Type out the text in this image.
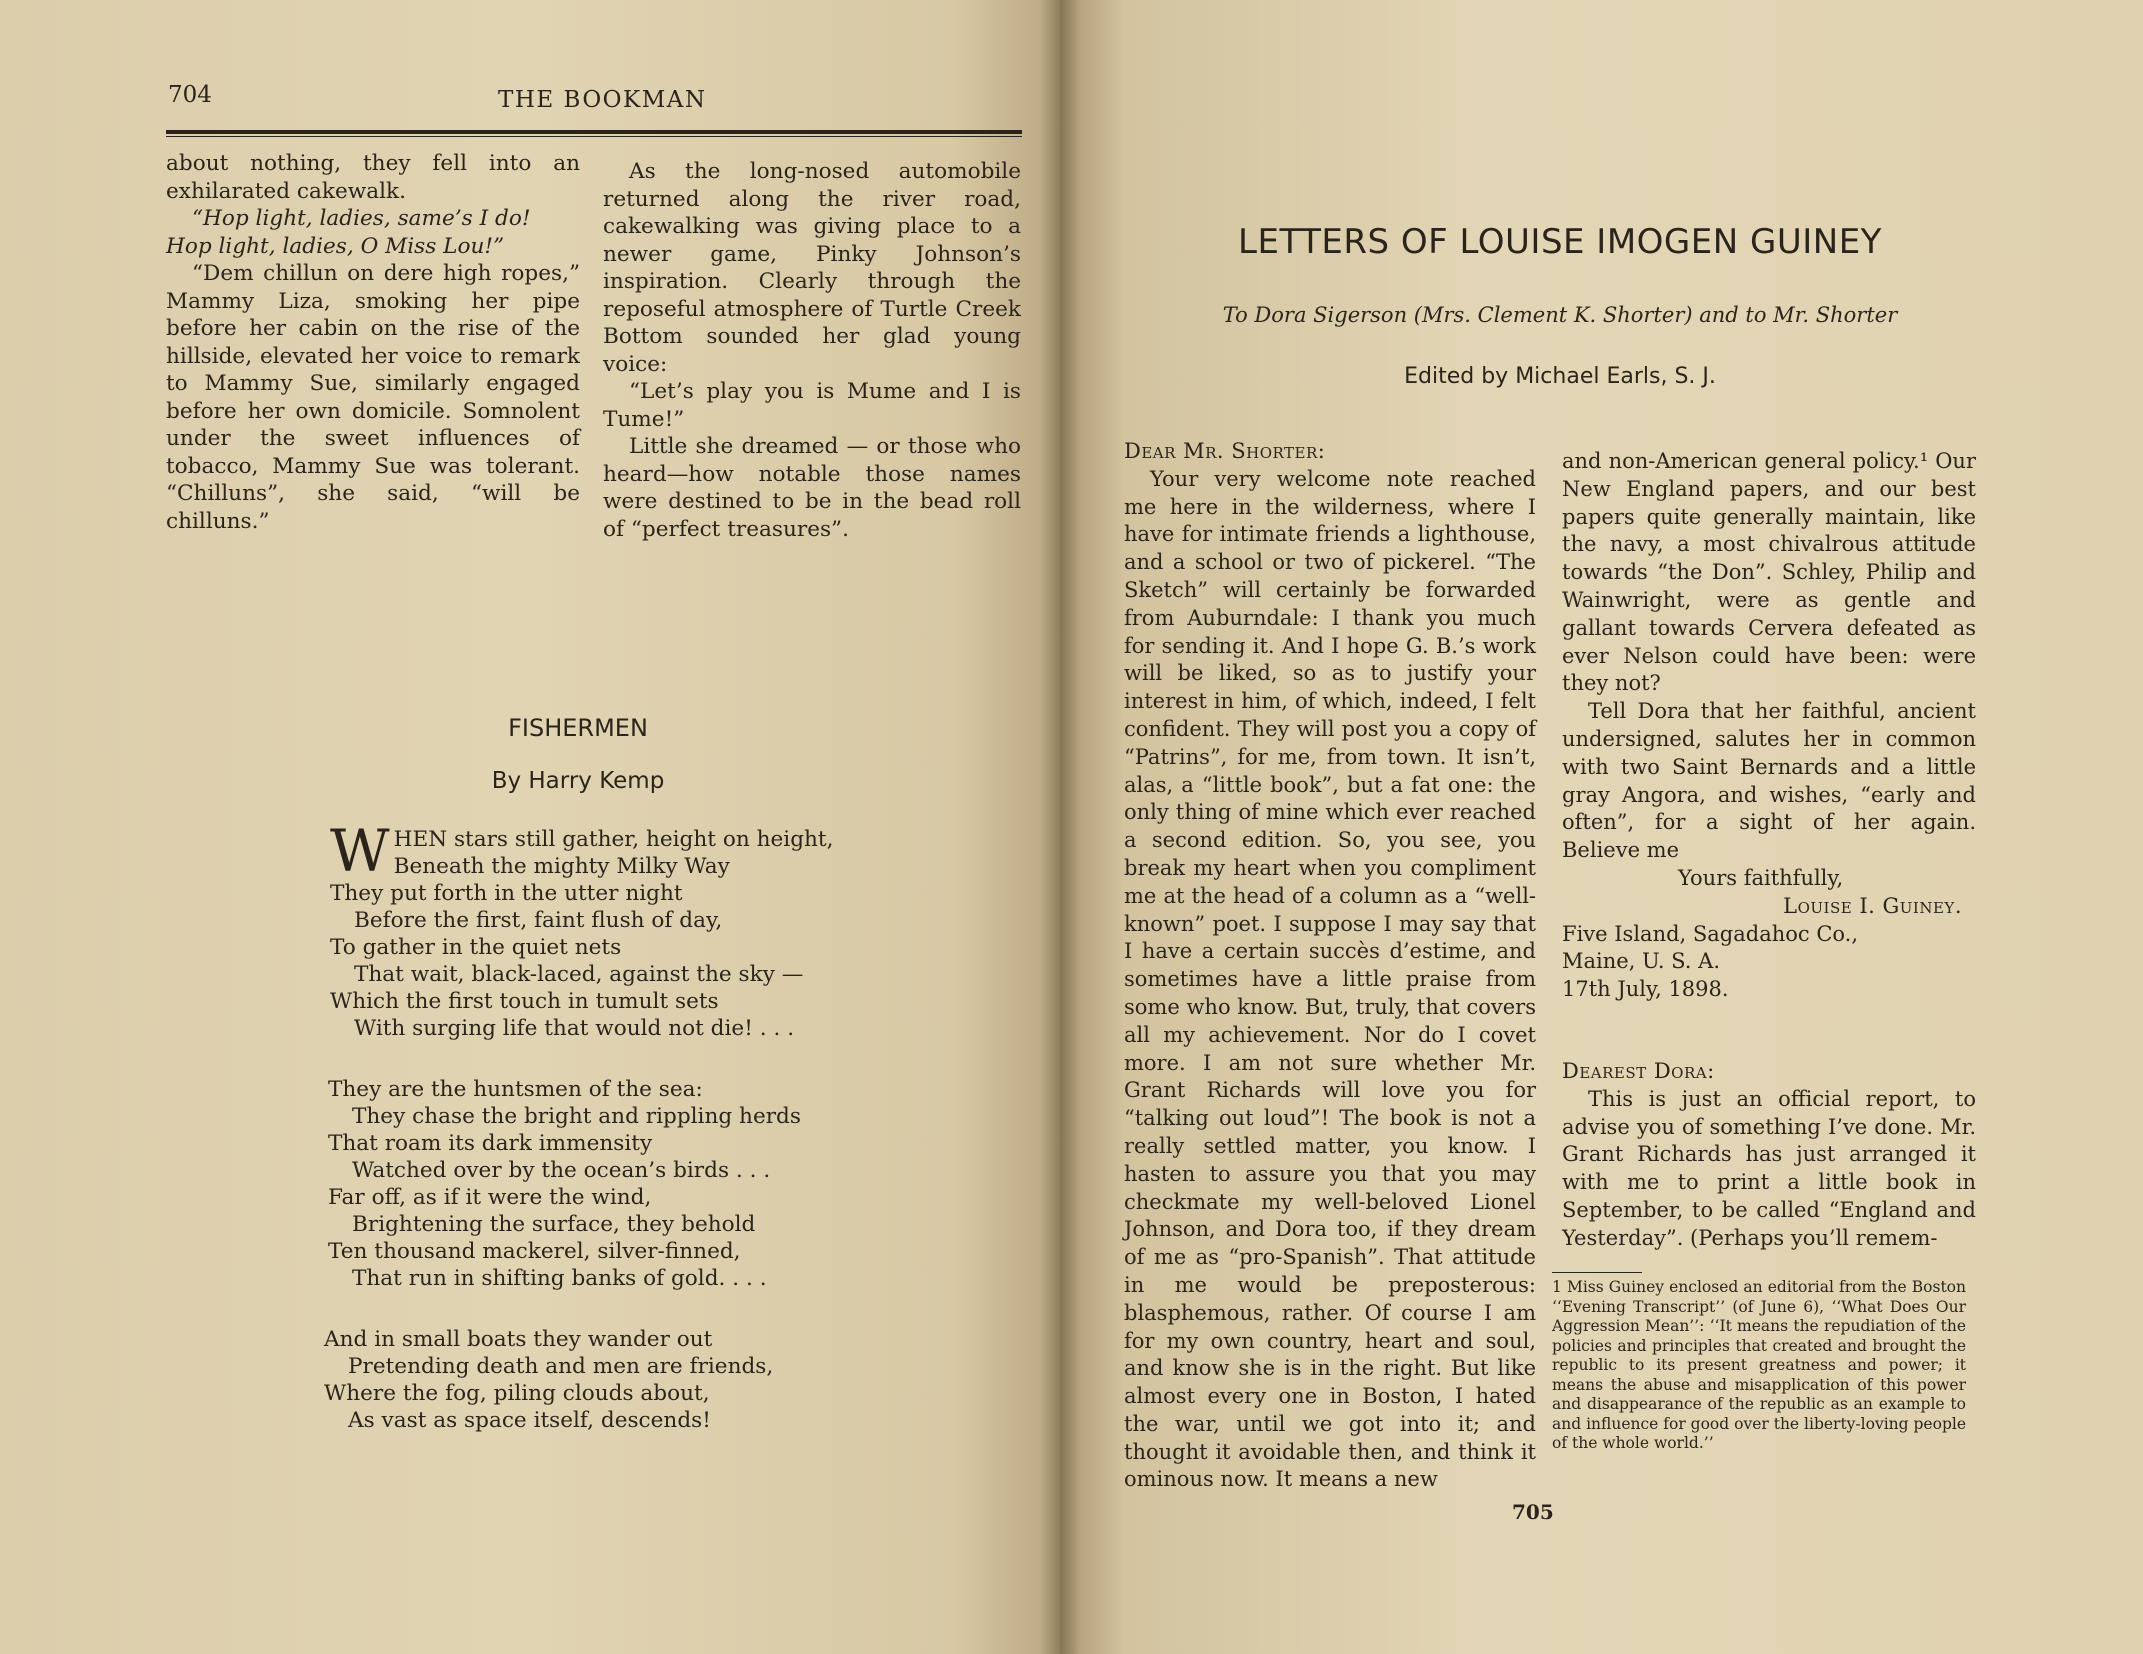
704	THE BOOKMAN

about nothing, they fell into an exhilarated cakewalk.

“Hop light, ladies, same’s I do!

Hop light, ladies, O Miss Lou!”

“Dem chillun on dere high ropes,” Mammy Liza, smoking her pipe before her cabin on the rise of the hillside, elevated her voice to remark to Mammy Sue, similarly engaged before her own domicile. Somnolent under the sweet influences of tobacco, Mammy Sue was tolerant. “Chilluns”, she said, “will be chilluns.”

As the long-nosed automobile returned along the river road, cakewalking was giving place to a newer game, Pinky Johnson’s inspiration. Clearly through the reposeful atmosphere of Turtle Creek Bottom sounded her glad young voice:

“Let’s play you is Mume and I is Tume!”

Little she dreamed — or those who heard—how notable those names were destined to be in the bead roll of “perfect treasures”.

FISHERMEN
By Harry Kemp
W HEN stars still gather, height on height,
Beneath the mighty Milky Way
They put forth in the utter night
Before the first, faint flush of day,
To gather in the quiet nets
That wait, black-laced, against the sky —
Which the first touch in tumult sets
With surging life that would not die! . . .
They are the huntsmen of the sea:
They chase the bright and rippling herds
That roam its dark immensity
Watched over by the ocean’s birds . . .
Far off, as if it were the wind,
Brightening the surface, they behold
Ten thousand mackerel, silver-finned,
That run in shifting banks of gold. . . .
And in small boats they wander out
Pretending death and men are friends,
Where the fog, piling clouds about,
As vast as space itself, descends!
LETTERS OF LOUISE IMOGEN GUINEY
To Dora Sigerson (Mrs. Clement K. Shorter) and to Mr. Shorter
Edited by Michael Earls, S. J.

Dear Mr. Shorter:

Your very welcome note reached me here in the wilderness, where I have for intimate friends a lighthouse, and a school or two of pickerel. “The Sketch” will certainly be forwarded from Auburndale: I thank you much for sending it. And I hope G. B.’s work will be liked, so as to justify your interest in him, of which, indeed, I felt confident. They will post you a copy of “Patrins”, for me, from town. It isn’t, alas, a “little book”, but a fat one: the only thing of mine which ever reached a second edition. So, you see, you break my heart when you compliment me at the head of a column as a “well-known” poet. I suppose I may say that I have a certain succès d’estime, and sometimes have a little praise from some who know. But, truly, that covers all my achievement. Nor do I covet more. I am not sure whether Mr. Grant Richards will love you for “talking out loud”! The book is not a really settled matter, you know. I hasten to assure you that you may checkmate my well-beloved Lionel Johnson, and Dora too, if they dream of me as “pro-Spanish”. That attitude in me would be preposterous: blasphemous, rather. Of course I am for my own country, heart and soul, and know she is in the right. But like almost every one in Boston, I hated the war, until we got into it; and thought it avoidable then, and think it ominous now. It means a new

and non-American general policy.¹ Our New England papers, and our best papers quite generally maintain, like the navy, a most chivalrous attitude towards “the Don”. Schley, Philip and Wainwright, were as gentle and gallant towards Cervera defeated as ever Nelson could have been: were they not?

Tell Dora that her faithful, ancient undersigned, salutes her in common with two Saint Bernards and a little gray Angora, and wishes, “early and often”, for a sight of her again. Believe me

Yours faithfully,

Louise I. Guiney.

Five Island, Sagadahoc Co.,

Maine, U. S. A.

17th July, 1898.

Dearest Dora:

This is just an official report, to advise you of something I’ve done. Mr. Grant Richards has just arranged it with me to print a little book in September, to be called “England and Yesterday”. (Perhaps you’ll remem-

1 Miss Guiney enclosed an editorial from the Boston ‘‘Evening Transcript’’ (of June 6), ‘‘What Does Our Aggression Mean’’: ‘‘It means the repudiation of the policies and principles that created and brought the republic to its present greatness and power; it means the abuse and misapplication of this power and disappearance of the republic as an example to and influence for good over the liberty-loving people of the whole world.’’
705
